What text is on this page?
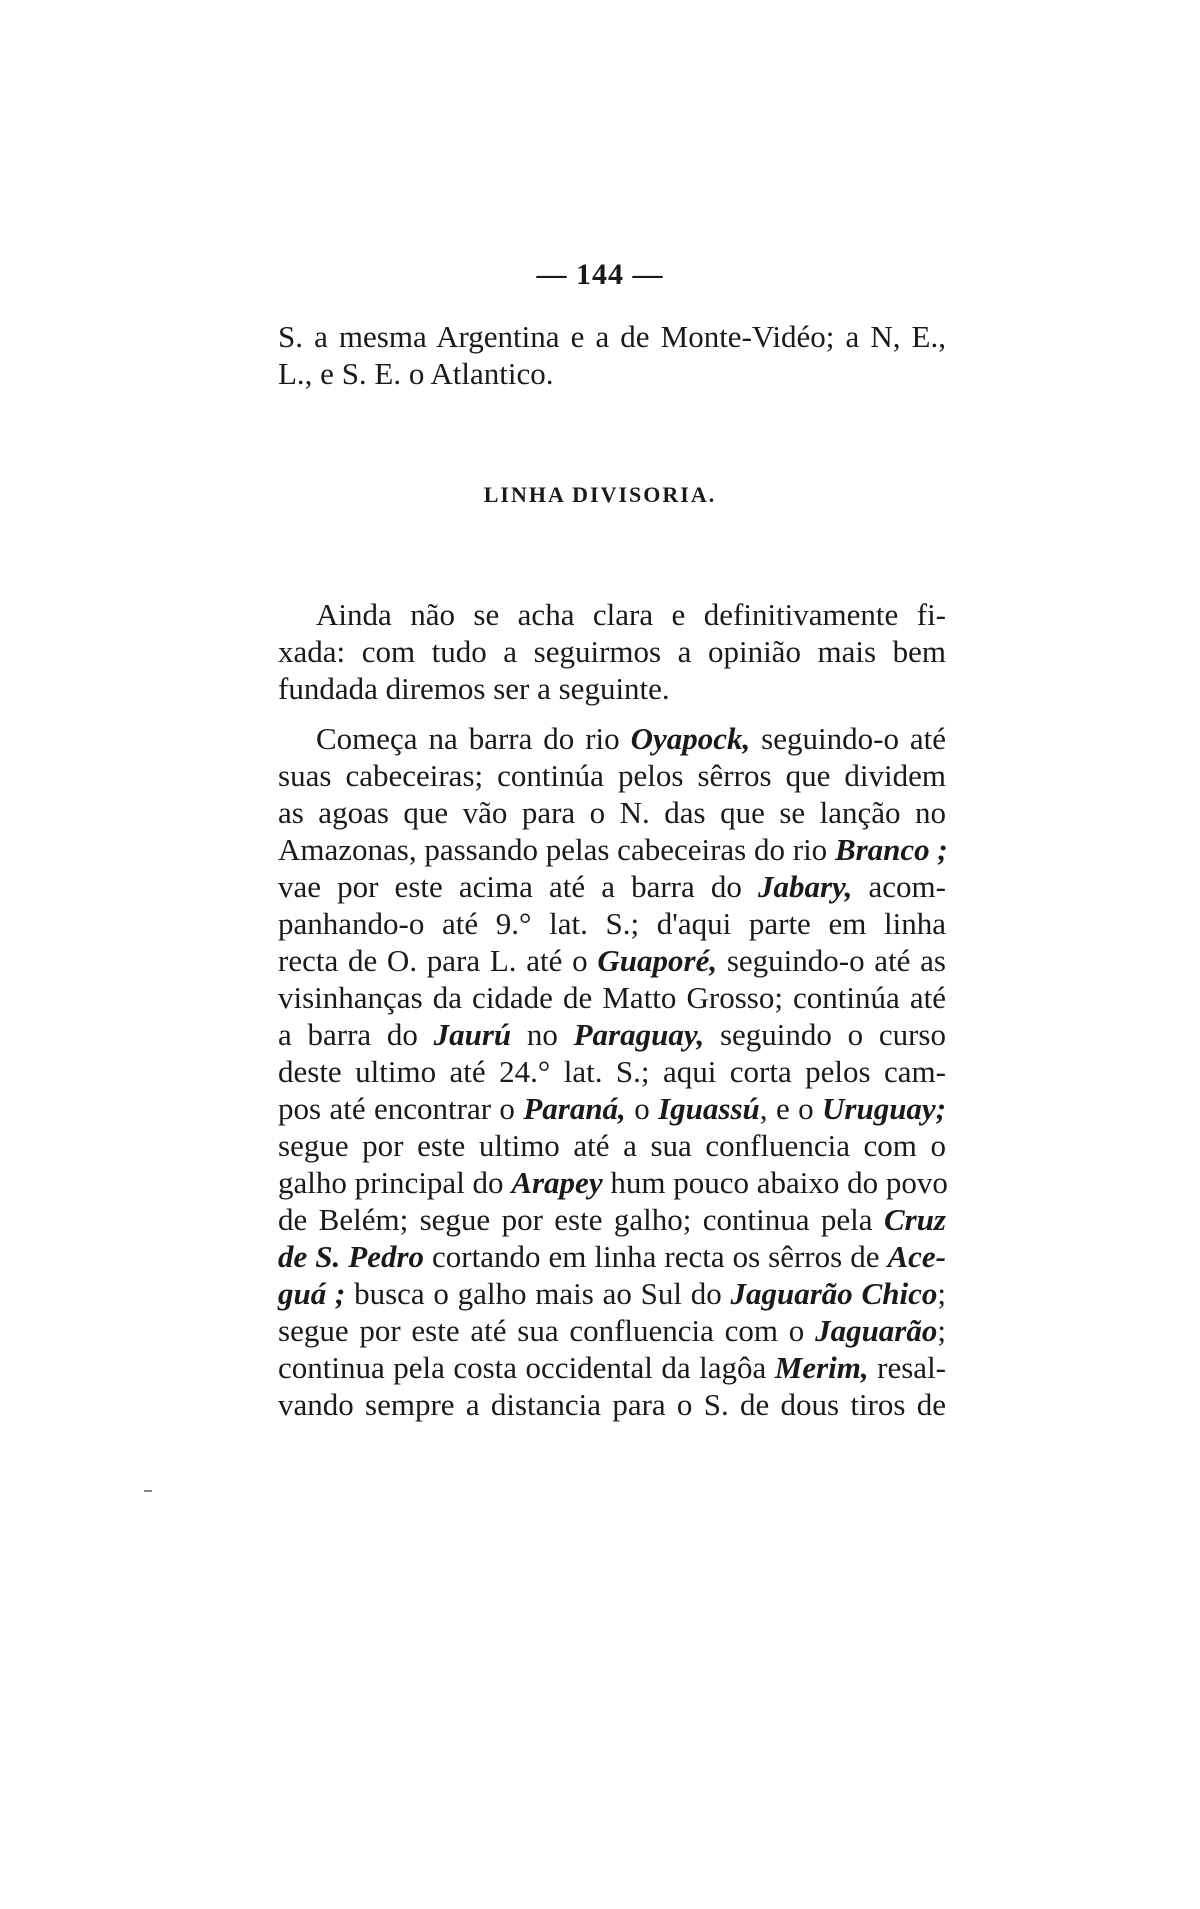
— 144 —
S. a mesma Argentina e a de Monte-Vidéo; a N, E.,
L., e S. E. o Atlantico.
LINHA DIVISORIA.
Ainda não se acha clara e definitivamente fi-
xada: com tudo a seguirmos a opinião mais bem
fundada diremos ser a seguinte.
Começa na barra do rio Oyapock, seguindo-o até
suas cabeceiras; continúa pelos sêrros que dividem
as agoas que vão para o N. das que se lanção no
Amazonas, passando pelas cabeceiras do rio Branco ;
vae por este acima até a barra do Jabary, acom-
panhando-o até 9.° lat. S.; d'aqui parte em linha
recta de O. para L. até o Guaporé, seguindo-o até as
visinhanças da cidade de Matto Grosso; continúa até
a barra do Jaurú no Paraguay, seguindo o curso
deste ultimo até 24.° lat. S.; aqui corta pelos cam-
pos até encontrar o Paraná, o Iguassú, e o Uruguay;
segue por este ultimo até a sua confluencia com o
galho principal do Arapey hum pouco abaixo do povo
de Belém; segue por este galho; continua pela Cruz
de S. Pedro cortando em linha recta os sêrros de Ace-
guá ; busca o galho mais ao Sul do Jaguarão Chico;
segue por este até sua confluencia com o Jaguarão;
continua pela costa occidental da lagôa Merim, resal-
vando sempre a distancia para o S. de dous tiros de
